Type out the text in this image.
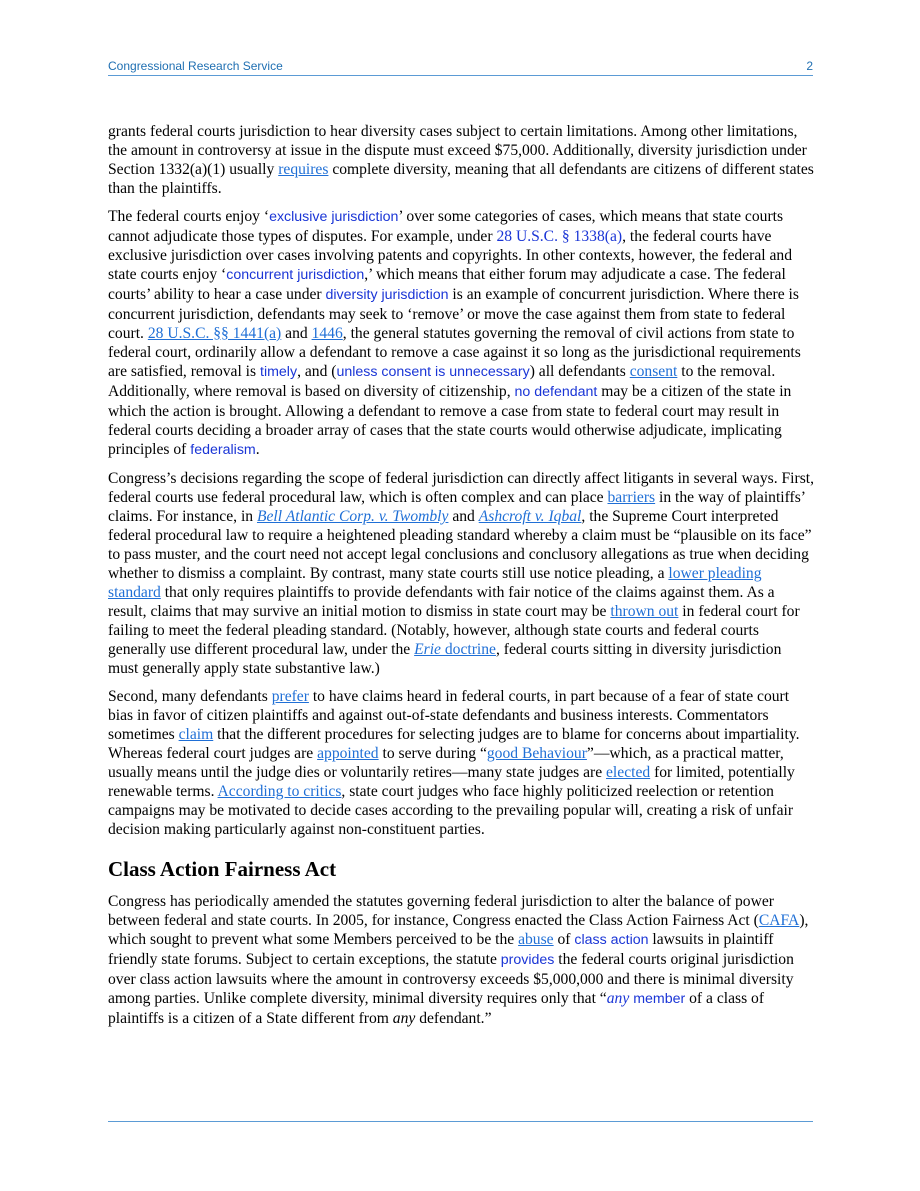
Congressional Research Service	2

grants federal courts jurisdiction to hear diversity cases subject to certain limitations. Among other limitations, the amount in controversy at issue in the dispute must exceed $75,000. Additionally, diversity jurisdiction under Section 1332(a)(1) usually requires complete diversity, meaning that all defendants are citizens of different states than the plaintiffs.

The federal courts enjoy ‘exclusive jurisdiction’ over some categories of cases, which means that state courts cannot adjudicate those types of disputes. For example, under 28 U.S.C. § 1338(a), the federal courts have exclusive jurisdiction over cases involving patents and copyrights. In other contexts, however, the federal and state courts enjoy ‘concurrent jurisdiction,’ which means that either forum may adjudicate a case. The federal courts’ ability to hear a case under diversity jurisdiction is an example of concurrent jurisdiction. Where there is concurrent jurisdiction, defendants may seek to ‘remove’ or move the case against them from state to federal court. 28 U.S.C. §§ 1441(a) and 1446, the general statutes governing the removal of civil actions from state to federal court, ordinarily allow a defendant to remove a case against it so long as the jurisdictional requirements are satisfied, removal is timely, and (unless consent is unnecessary) all defendants consent to the removal. Additionally, where removal is based on diversity of citizenship, no defendant may be a citizen of the state in which the action is brought. Allowing a defendant to remove a case from state to federal court may result in federal courts deciding a broader array of cases that the state courts would otherwise adjudicate, implicating principles of federalism.

Congress’s decisions regarding the scope of federal jurisdiction can directly affect litigants in several ways. First, federal courts use federal procedural law, which is often complex and can place barriers in the way of plaintiffs’ claims. For instance, in Bell Atlantic Corp. v. Twombly and Ashcroft v. Iqbal, the Supreme Court interpreted federal procedural law to require a heightened pleading standard whereby a claim must be “plausible on its face” to pass muster, and the court need not accept legal conclusions and conclusory allegations as true when deciding whether to dismiss a complaint. By contrast, many state courts still use notice pleading, a lower pleading standard that only requires plaintiffs to provide defendants with fair notice of the claims against them. As a result, claims that may survive an initial motion to dismiss in state court may be thrown out in federal court for failing to meet the federal pleading standard. (Notably, however, although state courts and federal courts generally use different procedural law, under the Erie doctrine, federal courts sitting in diversity jurisdiction must generally apply state substantive law.)

Second, many defendants prefer to have claims heard in federal courts, in part because of a fear of state court bias in favor of citizen plaintiffs and against out-of-state defendants and business interests. Commentators sometimes claim that the different procedures for selecting judges are to blame for concerns about impartiality. Whereas federal court judges are appointed to serve during “good Behaviour”—which, as a practical matter, usually means until the judge dies or voluntarily retires—many state judges are elected for limited, potentially renewable terms. According to critics, state court judges who face highly politicized reelection or retention campaigns may be motivated to decide cases according to the prevailing popular will, creating a risk of unfair decision making particularly against non-constituent parties.

Class Action Fairness Act

Congress has periodically amended the statutes governing federal jurisdiction to alter the balance of power between federal and state courts. In 2005, for instance, Congress enacted the Class Action Fairness Act (CAFA), which sought to prevent what some Members perceived to be the abuse of class action lawsuits in plaintiff friendly state forums. Subject to certain exceptions, the statute provides the federal courts original jurisdiction over class action lawsuits where the amount in controversy exceeds $5,000,000 and there is minimal diversity among parties. Unlike complete diversity, minimal diversity requires only that “any member of a class of plaintiffs is a citizen of a State different from any defendant.”
